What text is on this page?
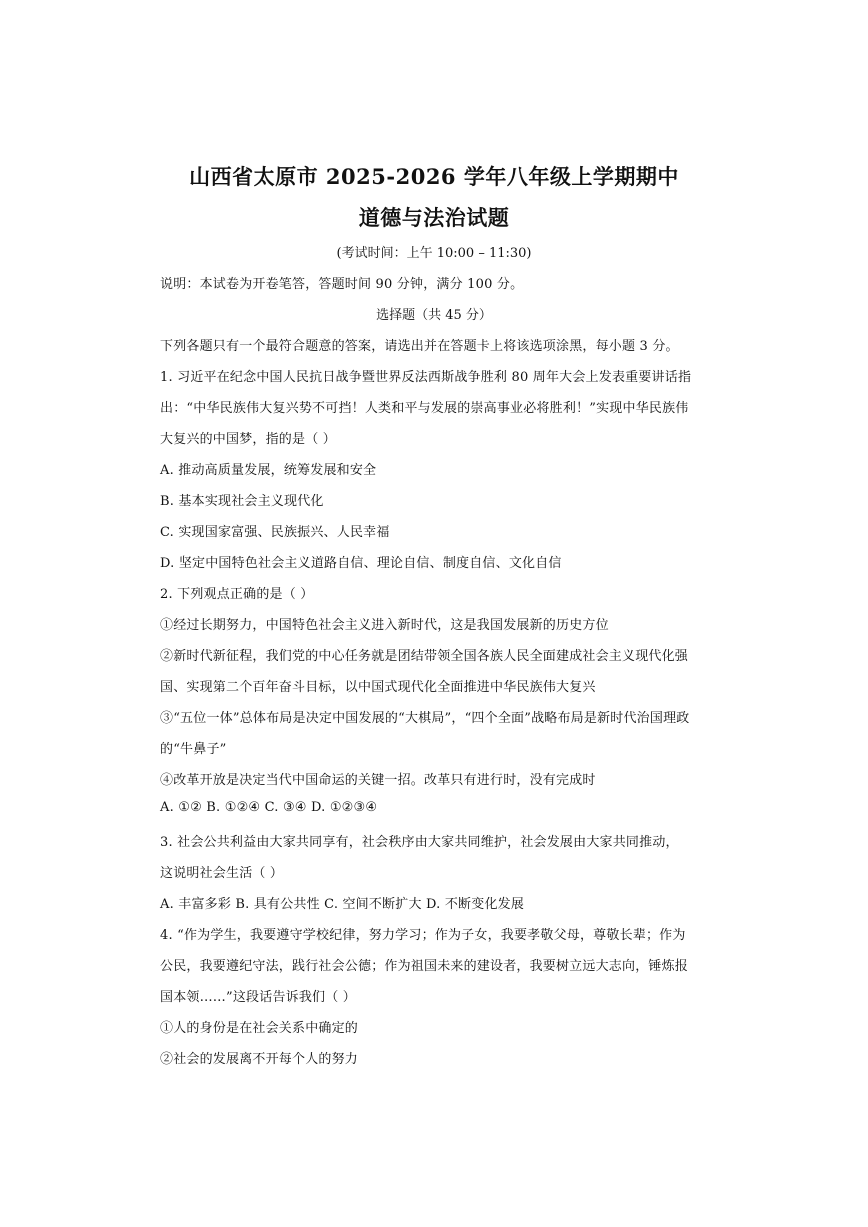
山西省太原市 2025-2026 学年八年级上学期期中
道德与法治试题
(考试时间：上午 10:00 – 11:30)
说明：本试卷为开卷笔答，答题时间 90 分钟，满分 100 分。
选择题（共 45 分）
下列各题只有一个最符合题意的答案，请选出并在答题卡上将该选项涂黑，每小题 3 分。
1. 习近平在纪念中国人民抗日战争暨世界反法西斯战争胜利 80 周年大会上发表重要讲话指
出：“中华民族伟大复兴势不可挡！人类和平与发展的崇高事业必将胜利！”实现中华民族伟
大复兴的中国梦，指的是（ ）
A. 推动高质量发展，统筹发展和安全
B. 基本实现社会主义现代化
C. 实现国家富强、民族振兴、人民幸福
D. 坚定中国特色社会主义道路自信、理论自信、制度自信、文化自信
2. 下列观点正确的是（ ）
①经过长期努力，中国特色社会主义进入新时代，这是我国发展新的历史方位
②新时代新征程，我们党的中心任务就是团结带领全国各族人民全面建成社会主义现代化强
国、实现第二个百年奋斗目标，以中国式现代化全面推进中华民族伟大复兴
③“五位一体”总体布局是决定中国发展的“大棋局”，“四个全面”战略布局是新时代治国理政
的“牛鼻子”
④改革开放是决定当代中国命运的关键一招。改革只有进行时，没有完成时
A. ①② B. ①②④ C. ③④ D. ①②③④
3. 社会公共利益由大家共同享有，社会秩序由大家共同维护，社会发展由大家共同推动，
这说明社会生活（ ）
A. 丰富多彩 B. 具有公共性 C. 空间不断扩大 D. 不断变化发展
4. “作为学生，我要遵守学校纪律，努力学习；作为子女，我要孝敬父母，尊敬长辈；作为
公民，我要遵纪守法，践行社会公德；作为祖国未来的建设者，我要树立远大志向，锤炼报
国本领……”这段话告诉我们（ ）
①人的身份是在社会关系中确定的
②社会的发展离不开每个人的努力
